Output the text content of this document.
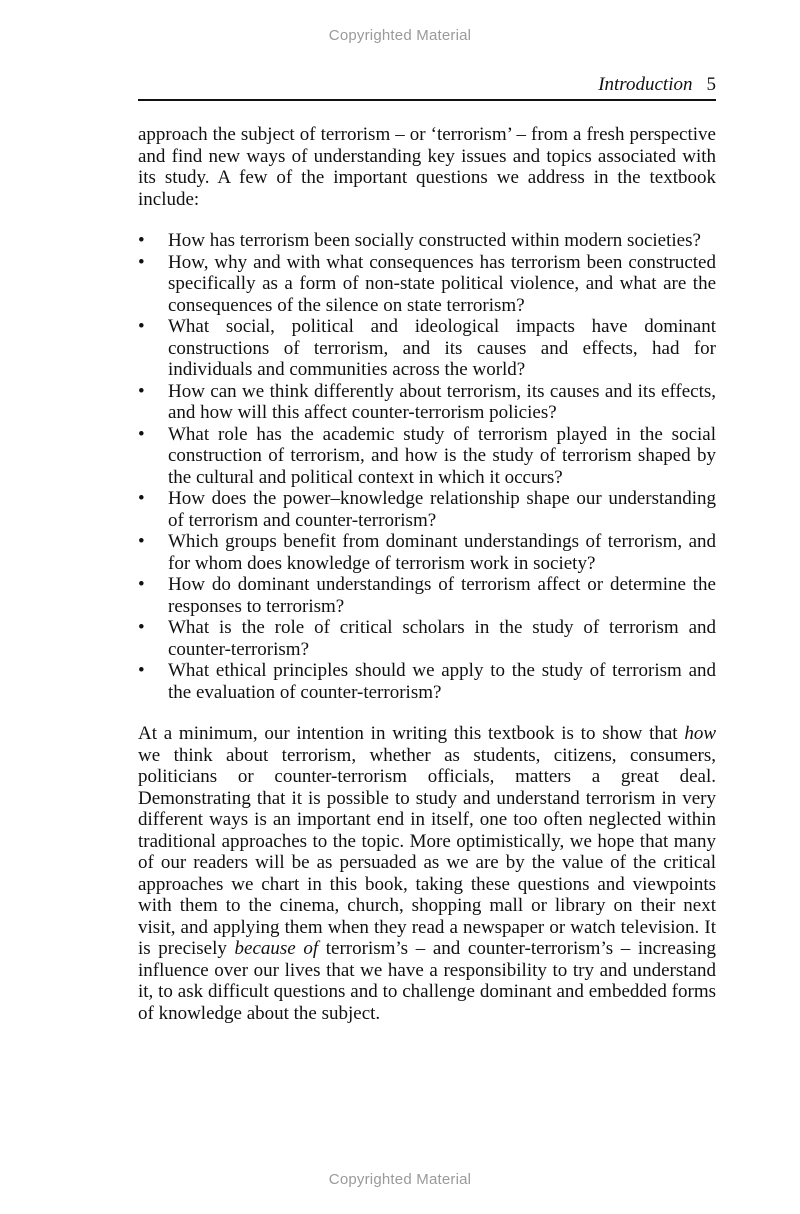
Copyrighted Material
Introduction 5

approach the subject of terrorism – or ‘terrorism’ – from a fresh perspective and find new ways of understanding key issues and topics associated with its study. A few of the important questions we address in the textbook include:

•	How has terrorism been socially constructed within modern societies?
•	How, why and with what consequences has terrorism been constructed specifically as a form of non-state political violence, and what are the consequences of the silence on state terrorism?
•	What social, political and ideological impacts have dominant constructions of terrorism, and its causes and effects, had for individuals and communities across the world?
•	How can we think differently about terrorism, its causes and its effects, and how will this affect counter-terrorism policies?
•	What role has the academic study of terrorism played in the social construction of terrorism, and how is the study of terrorism shaped by the cultural and political context in which it occurs?
•	How does the power–knowledge relationship shape our understanding of terrorism and counter-terrorism?
•	Which groups benefit from dominant understandings of terrorism, and for whom does knowledge of terrorism work in society?
•	How do dominant understandings of terrorism affect or determine the responses to terrorism?
•	What is the role of critical scholars in the study of terrorism and counter-terrorism?
•	What ethical principles should we apply to the study of terrorism and the evaluation of counter-terrorism?

At a minimum, our intention in writing this textbook is to show that how we think about terrorism, whether as students, citizens, consumers, politicians or counter-terrorism officials, matters a great deal. Demonstrating that it is possible to study and understand terrorism in very different ways is an important end in itself, one too often neglected within traditional approaches to the topic. More optimistically, we hope that many of our readers will be as persuaded as we are by the value of the critical approaches we chart in this book, taking these questions and viewpoints with them to the cinema, church, shopping mall or library on their next visit, and applying them when they read a newspaper or watch television. It is precisely because of terrorism’s – and counter-terrorism’s – increasing influence over our lives that we have a responsibility to try and understand it, to ask difficult questions and to challenge dominant and embedded forms of knowledge about the subject.

Copyrighted Material
